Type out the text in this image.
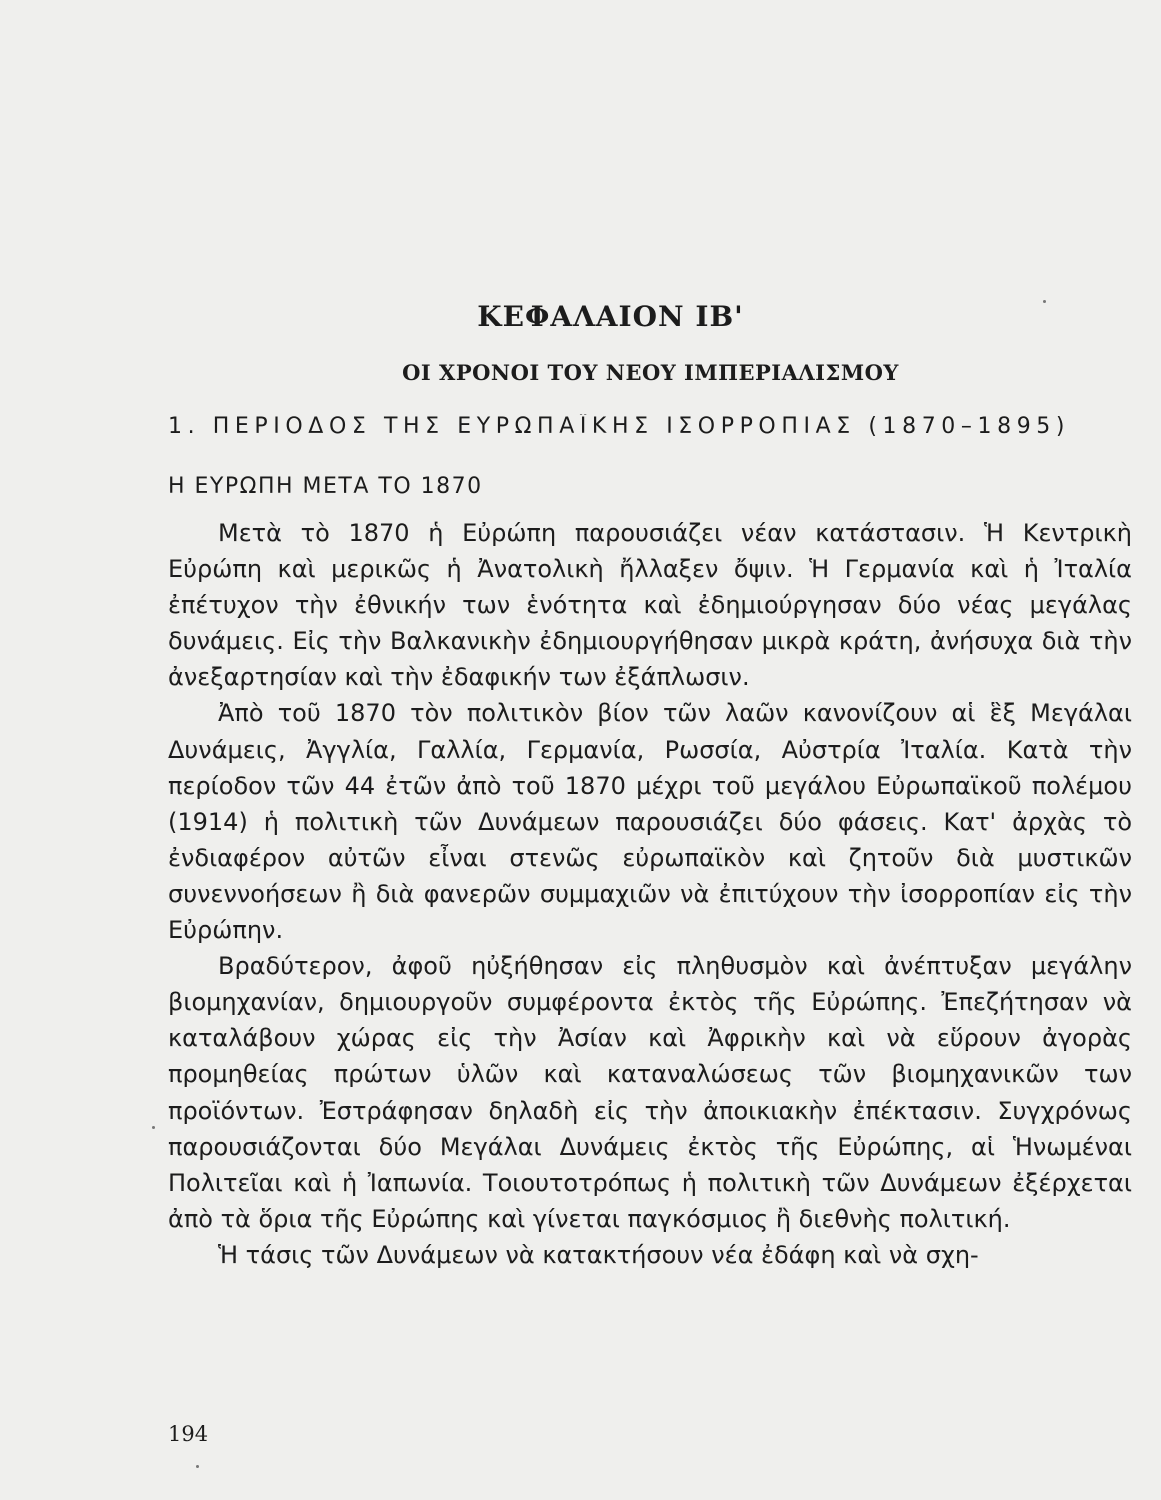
ΚΕΦΑΛΑΙΟΝ ΙΒ'
ΟΙ ΧΡΟΝΟΙ ΤΟΥ ΝΕΟΥ ΙΜΠΕΡΙΑΛΙΣΜΟΥ
1. ΠΕΡΙΟΔΟΣ ΤΗΣ ΕΥΡΩΠΑΪΚΗΣ ΙΣΟΡΡΟΠΙΑΣ (1870–1895)
Η ΕΥΡΩΠΗ ΜΕΤΑ ΤΟ 1870

Μετὰ τὸ 1870 ἡ Εὐρώπη παρουσιάζει νέαν κατάστασιν. Ἡ Κεντρικὴ Εὐρώπη καὶ μερικῶς ἡ Ἀνατολικὴ ἤλλαξεν ὄψιν. Ἡ Γερμανία καὶ ἡ Ἰταλία ἐπέτυχον τὴν ἐθνικήν των ἑνότητα καὶ ἐδημιούργησαν δύο νέας μεγάλας δυνάμεις. Εἰς τὴν Βαλκανικὴν ἐδημιουργήθησαν μικρὰ κράτη, ἀνήσυχα διὰ τὴν ἀνεξαρτησίαν καὶ τὴν ἐδαφικήν των ἐξάπλωσιν.

Ἀπὸ τοῦ 1870 τὸν πολιτικὸν βίον τῶν λαῶν κανονίζουν αἱ ἓξ Μεγάλαι Δυνάμεις, Ἀγγλία, Γαλλία, Γερμανία, Ρωσσία, Αὐστρία Ἰταλία. Κατὰ τὴν περίοδον τῶν 44 ἐτῶν ἀπὸ τοῦ 1870 μέχρι τοῦ μεγάλου Εὐρωπαϊκοῦ πολέμου (1914) ἡ πολιτικὴ τῶν Δυνάμεων παρουσιάζει δύο φάσεις. Κατ' ἀρχὰς τὸ ἐνδιαφέρον αὐτῶν εἶναι στενῶς εὐρωπαϊκὸν καὶ ζητοῦν διὰ μυστικῶν συνεννοήσεων ἢ διὰ φανερῶν συμμαχιῶν νὰ ἐπιτύχουν τὴν ἰσορροπίαν εἰς τὴν Εὐρώπην.

Βραδύτερον, ἀφοῦ ηὐξήθησαν εἰς πληθυσμὸν καὶ ἀνέπτυξαν μεγάλην βιομηχανίαν, δημιουργοῦν συμφέροντα ἐκτὸς τῆς Εὐρώπης. Ἐπεζήτησαν νὰ καταλάβουν χώρας εἰς τὴν Ἀσίαν καὶ Ἀφρικὴν καὶ νὰ εὕρουν ἀγορὰς προμηθείας πρώτων ὑλῶν καὶ καταναλώσεως τῶν βιομηχανικῶν των προϊόντων. Ἐστράφησαν δηλαδὴ εἰς τὴν ἀποικιακὴν ἐπέκτασιν. Συγχρόνως παρουσιάζονται δύο Μεγάλαι Δυνάμεις ἐκτὸς τῆς Εὐρώπης, αἱ Ἡνωμέναι Πολιτεῖαι καὶ ἡ Ἰαπωνία. Τοιουτοτρόπως ἡ πολιτικὴ τῶν Δυνάμεων ἐξέρχεται ἀπὸ τὰ ὅρια τῆς Εὐρώπης καὶ γίνεται παγκόσμιος ἢ διεθνὴς πολιτική.

Ἡ τάσις τῶν Δυνάμεων νὰ κατακτήσουν νέα ἐδάφη καὶ νὰ σχη-

194
